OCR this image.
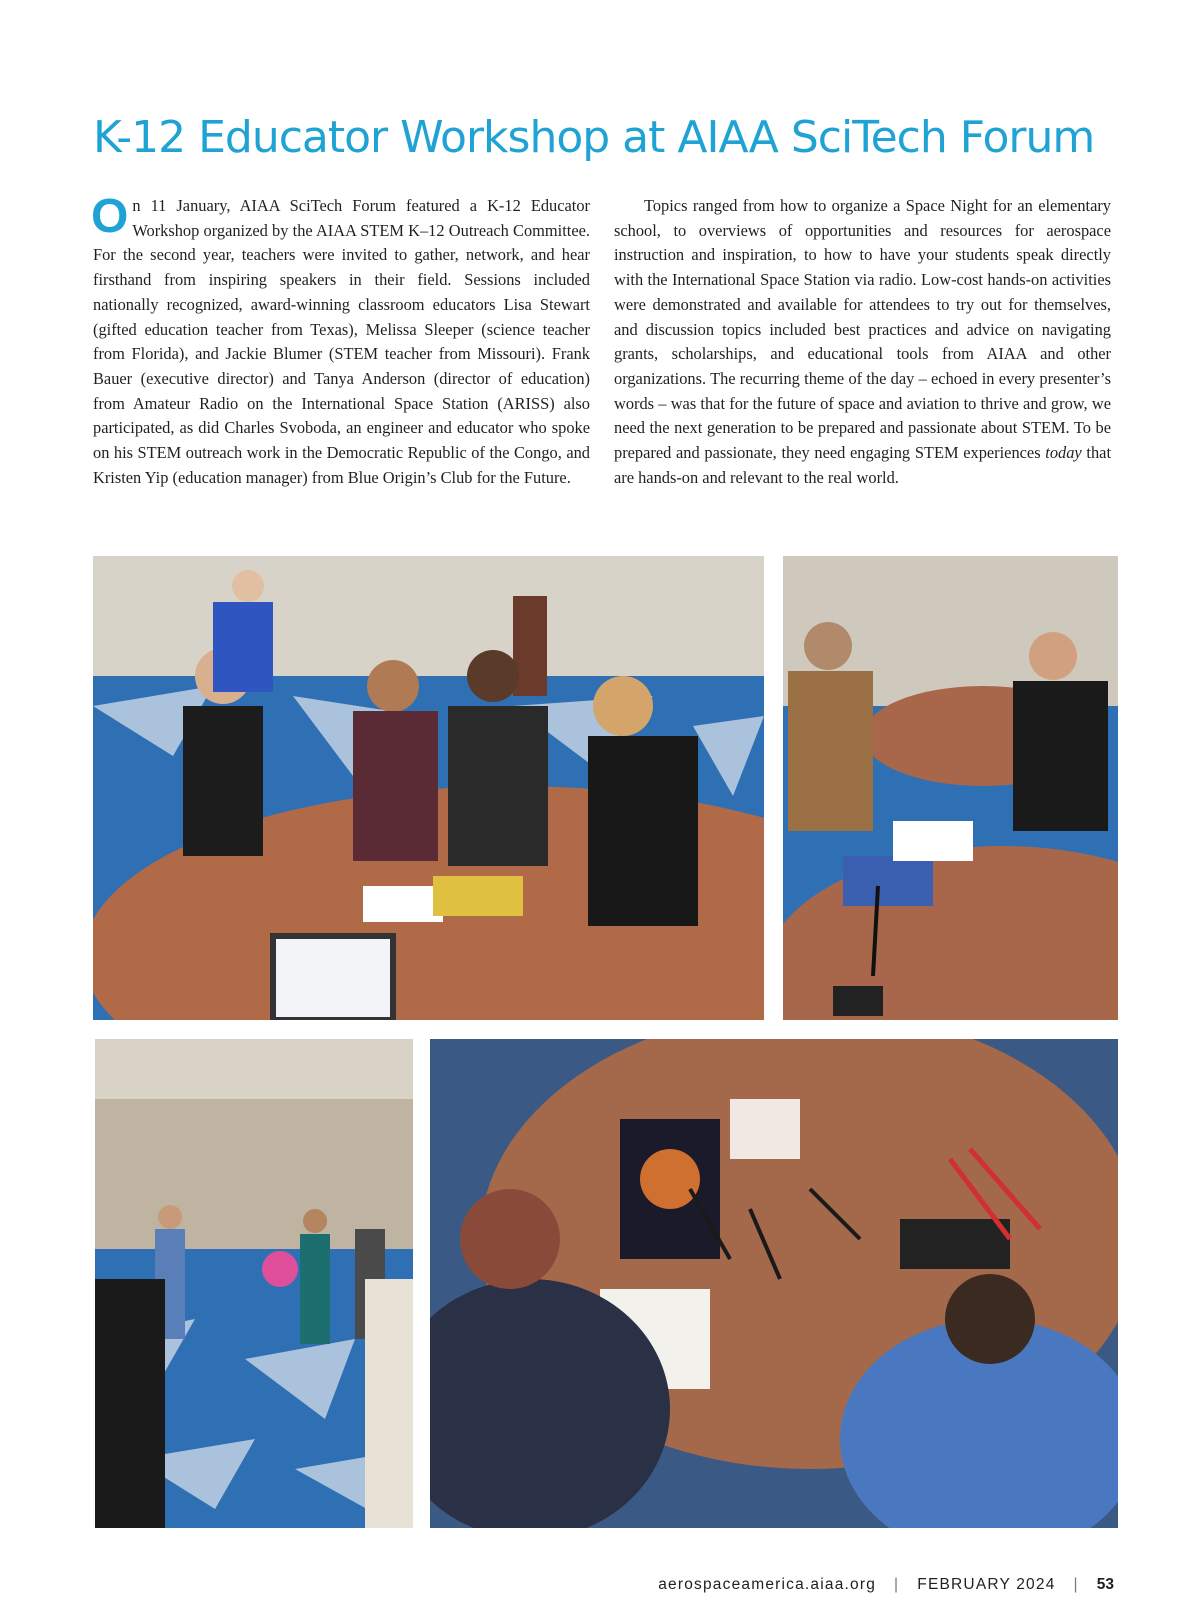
K-12 Educator Workshop at AIAA SciTech Forum

On 11 January, AIAA SciTech Forum featured a K-12 Educator Workshop organized by the AIAA STEM K–12 Outreach Committee. For the second year, teachers were invited to gather, network, and hear firsthand from inspiring speakers in their field. Sessions included nationally recognized, award-winning classroom educators Lisa Stewart (gifted education teacher from Texas), Melissa Sleeper (science teacher from Florida), and Jackie Blumer (STEM teacher from Missouri). Frank Bauer (executive director) and Tanya Anderson (director of education) from Amateur Radio on the International Space Station (ARISS) also participated, as did Charles Svoboda, an engineer and educator who spoke on his STEM outreach work in the Democratic Republic of the Congo, and Kristen Yip (education manager) from Blue Origin’s Club for the Future.

Topics ranged from how to organize a Space Night for an elementary school, to overviews of opportunities and resources for aerospace instruction and inspiration, to how to have your students speak directly with the International Space Station via radio. Low-cost hands-on activities were demonstrated and available for attendees to try out for themselves, and discussion topics included best practices and advice on navigating grants, scholarships, and educational tools from AIAA and other organizations. The recurring theme of the day – echoed in every presenter’s words – was that for the future of space and aviation to thrive and grow, we need the next generation to be prepared and passionate about STEM. To be prepared and passionate, they need engaging STEM experiences today that are hands-on and relevant to the real world.

aerospaceamerica.aiaa.org | FEBRUARY 2024 | 53
